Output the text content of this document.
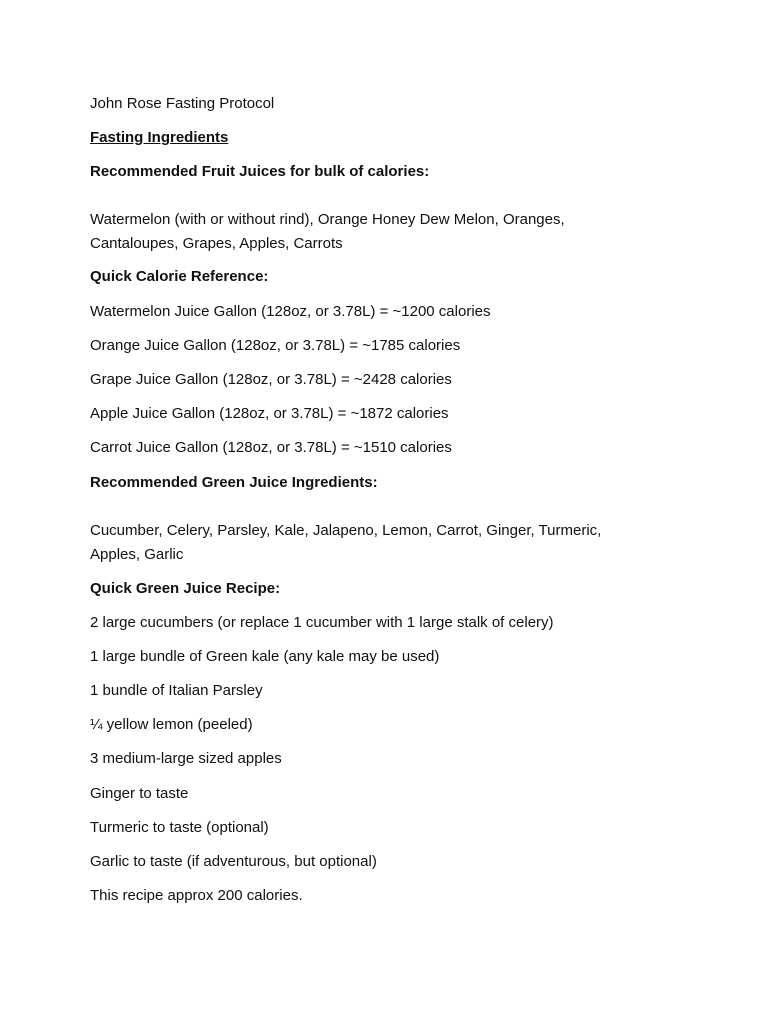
John Rose Fasting Protocol
Fasting Ingredients
Recommended Fruit Juices for bulk of calories:
Watermelon (with or without rind), Orange Honey Dew Melon, Oranges, Cantaloupes, Grapes, Apples, Carrots
Quick Calorie Reference:
Watermelon Juice Gallon (128oz, or 3.78L) = ~1200 calories
Orange Juice Gallon (128oz, or 3.78L) = ~1785 calories
Grape Juice Gallon (128oz, or 3.78L) = ~2428 calories
Apple Juice Gallon (128oz, or 3.78L) = ~1872 calories
Carrot Juice Gallon (128oz, or 3.78L) = ~1510 calories
Recommended Green Juice Ingredients:
Cucumber, Celery, Parsley, Kale, Jalapeno, Lemon, Carrot, Ginger, Turmeric, Apples, Garlic
Quick Green Juice Recipe:
2 large cucumbers (or replace 1 cucumber with 1 large stalk of celery)
1 large bundle of Green kale (any kale may be used)
1 bundle of Italian Parsley
¼ yellow lemon (peeled)
3 medium-large sized apples
Ginger to taste
Turmeric to taste (optional)
Garlic to taste (if adventurous, but optional)
This recipe approx 200 calories.
